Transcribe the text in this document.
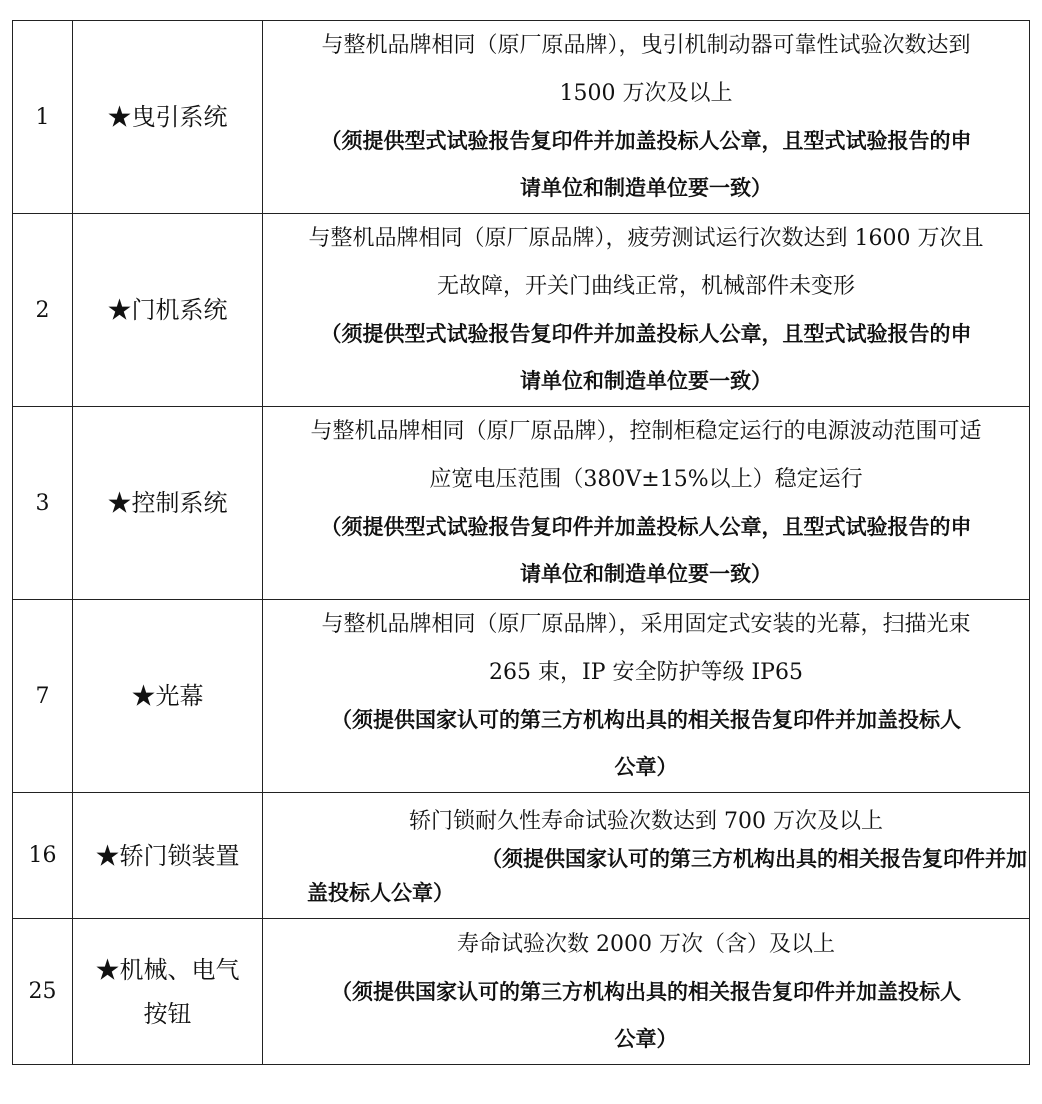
1	★曳引系统	与整机品牌相同（原厂原品牌），曳引机制动器可靠性试验次数达到
1500 万次及以上
（须提供型式试验报告复印件并加盖投标人公章，且型式试验报告的申
请单位和制造单位要一致）

2	★门机系统	与整机品牌相同（原厂原品牌），疲劳测试运行次数达到 1600 万次且
无故障，开关门曲线正常，机械部件未变形
（须提供型式试验报告复印件并加盖投标人公章，且型式试验报告的申
请单位和制造单位要一致）

3	★控制系统	与整机品牌相同（原厂原品牌），控制柜稳定运行的电源波动范围可适
应宽电压范围（380V±15%以上）稳定运行
（须提供型式试验报告复印件并加盖投标人公章，且型式试验报告的申
请单位和制造单位要一致）

7	★光幕	与整机品牌相同（原厂原品牌），采用固定式安装的光幕，扫描光束
265 束，IP 安全防护等级 IP65
（须提供国家认可的第三方机构出具的相关报告复印件并加盖投标人
公章）

16	★轿门锁装置	轿门锁耐久性寿命试验次数达到 700 万次及以上
（须提供国家认可的第三方机构出具的相关报告复印件并加
盖投标人公章）

25	★机械、电气按钮	寿命试验次数 2000 万次（含）及以上
（须提供国家认可的第三方机构出具的相关报告复印件并加盖投标人
公章）
